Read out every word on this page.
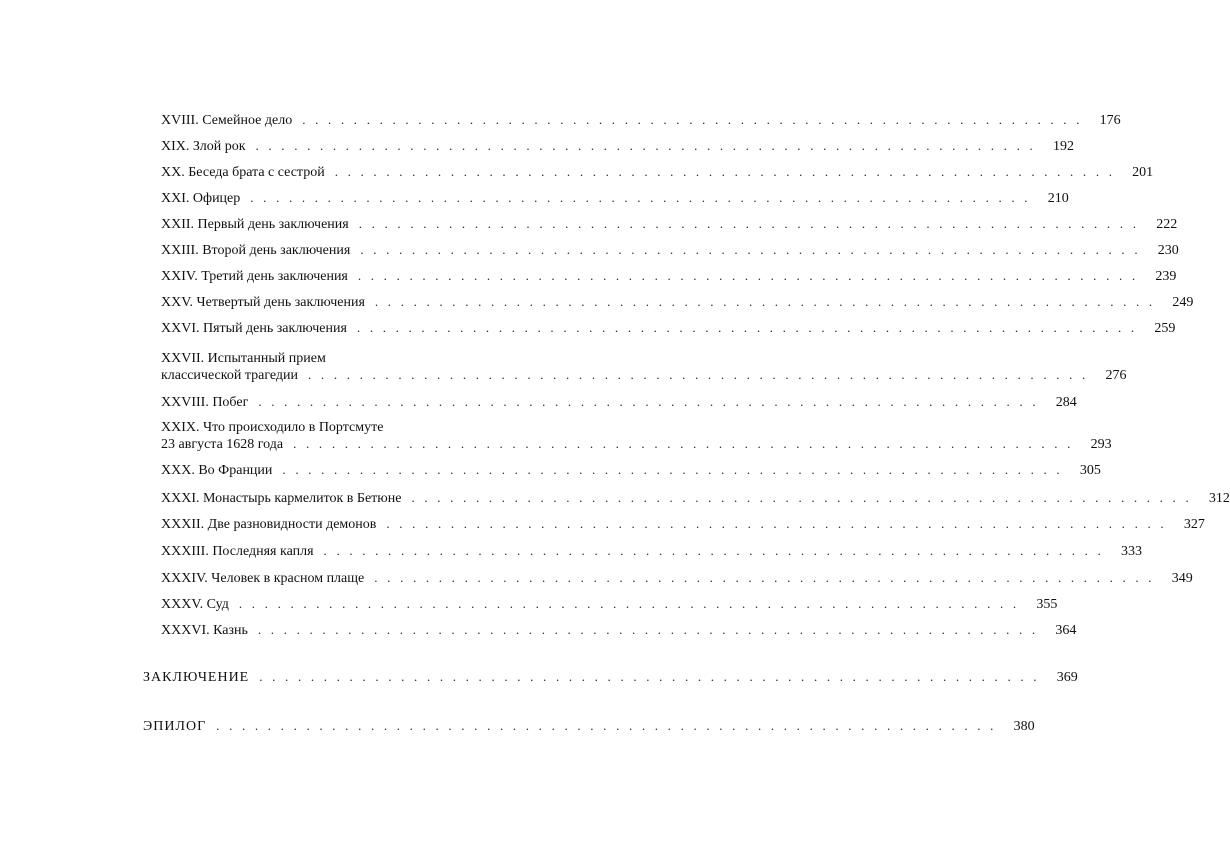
XVIII. Семейное дело . . . . . . . . . . . . . . . . . . . . . . . . . . . . . . . . . . . . . . . . . . . . . . . . . . . . . . . . . . . . .	176
XIX. Злой рок . . . . . . . . . . . . . . . . . . . . . . . . . . . . . . . . . . . . . . . . . . . . . . . . . . . . . . . . . . . . .	192
XX. Беседа брата с сестрой . . . . . . . . . . . . . . . . . . . . . . . . . . . . . . . . . . . . . . . . . . . . . . . . . . . . . . . . . . . . .	201
XXI. Офицер . . . . . . . . . . . . . . . . . . . . . . . . . . . . . . . . . . . . . . . . . . . . . . . . . . . . . . . . . . . . .	210
XXII. Первый день заключения . . . . . . . . . . . . . . . . . . . . . . . . . . . . . . . . . . . . . . . . . . . . . . . . . . . . . . . . . . . . .	222
XXIII. Второй день заключения . . . . . . . . . . . . . . . . . . . . . . . . . . . . . . . . . . . . . . . . . . . . . . . . . . . . . . . . . . . . .	230
XXIV. Третий день заключения . . . . . . . . . . . . . . . . . . . . . . . . . . . . . . . . . . . . . . . . . . . . . . . . . . . . . . . . . . . . .	239
XXV. Четвертый день заключения . . . . . . . . . . . . . . . . . . . . . . . . . . . . . . . . . . . . . . . . . . . . . . . . . . . . . . . . . . . . .	249
XXVI. Пятый день заключения . . . . . . . . . . . . . . . . . . . . . . . . . . . . . . . . . . . . . . . . . . . . . . . . . . . . . . . . . . . . .	259
XXVII. Испытанный прием
классической трагедии . . . . . . . . . . . . . . . . . . . . . . . . . . . . . . . . . . . . . . . . . . . . . . . . . . . . . . . . . . . . .	276
XXVIII. Побег . . . . . . . . . . . . . . . . . . . . . . . . . . . . . . . . . . . . . . . . . . . . . . . . . . . . . . . . . . . . .	284
XXIX. Что происходило в Портсмуте
23 августа 1628 года . . . . . . . . . . . . . . . . . . . . . . . . . . . . . . . . . . . . . . . . . . . . . . . . . . . . . . . . . . . . .	293
XXX. Во Франции . . . . . . . . . . . . . . . . . . . . . . . . . . . . . . . . . . . . . . . . . . . . . . . . . . . . . . . . . . . . .	305
XXXI. Монастырь кармелиток в Бетюне . . . . . . . . . . . . . . . . . . . . . . . . . . . . . . . . . . . . . . . . . . . . . . . . . . . . . . . . . . . . .	312
XXXII. Две разновидности демонов . . . . . . . . . . . . . . . . . . . . . . . . . . . . . . . . . . . . . . . . . . . . . . . . . . . . . . . . . . . . .	327
XXXIII. Последняя капля . . . . . . . . . . . . . . . . . . . . . . . . . . . . . . . . . . . . . . . . . . . . . . . . . . . . . . . . . . . . .	333
XXXIV. Человек в красном плаще . . . . . . . . . . . . . . . . . . . . . . . . . . . . . . . . . . . . . . . . . . . . . . . . . . . . . . . . . . . . .	349
XXXV. Суд . . . . . . . . . . . . . . . . . . . . . . . . . . . . . . . . . . . . . . . . . . . . . . . . . . . . . . . . . . . . .	355
XXXVI. Казнь . . . . . . . . . . . . . . . . . . . . . . . . . . . . . . . . . . . . . . . . . . . . . . . . . . . . . . . . . . . . .	364
ЗАКЛЮЧЕНИЕ . . . . . . . . . . . . . . . . . . . . . . . . . . . . . . . . . . . . . . . . . . . . . . . . . . . . . . . . . . . . .	369
ЭПИЛОГ . . . . . . . . . . . . . . . . . . . . . . . . . . . . . . . . . . . . . . . . . . . . . . . . . . . . . . . . . . . . .	380
